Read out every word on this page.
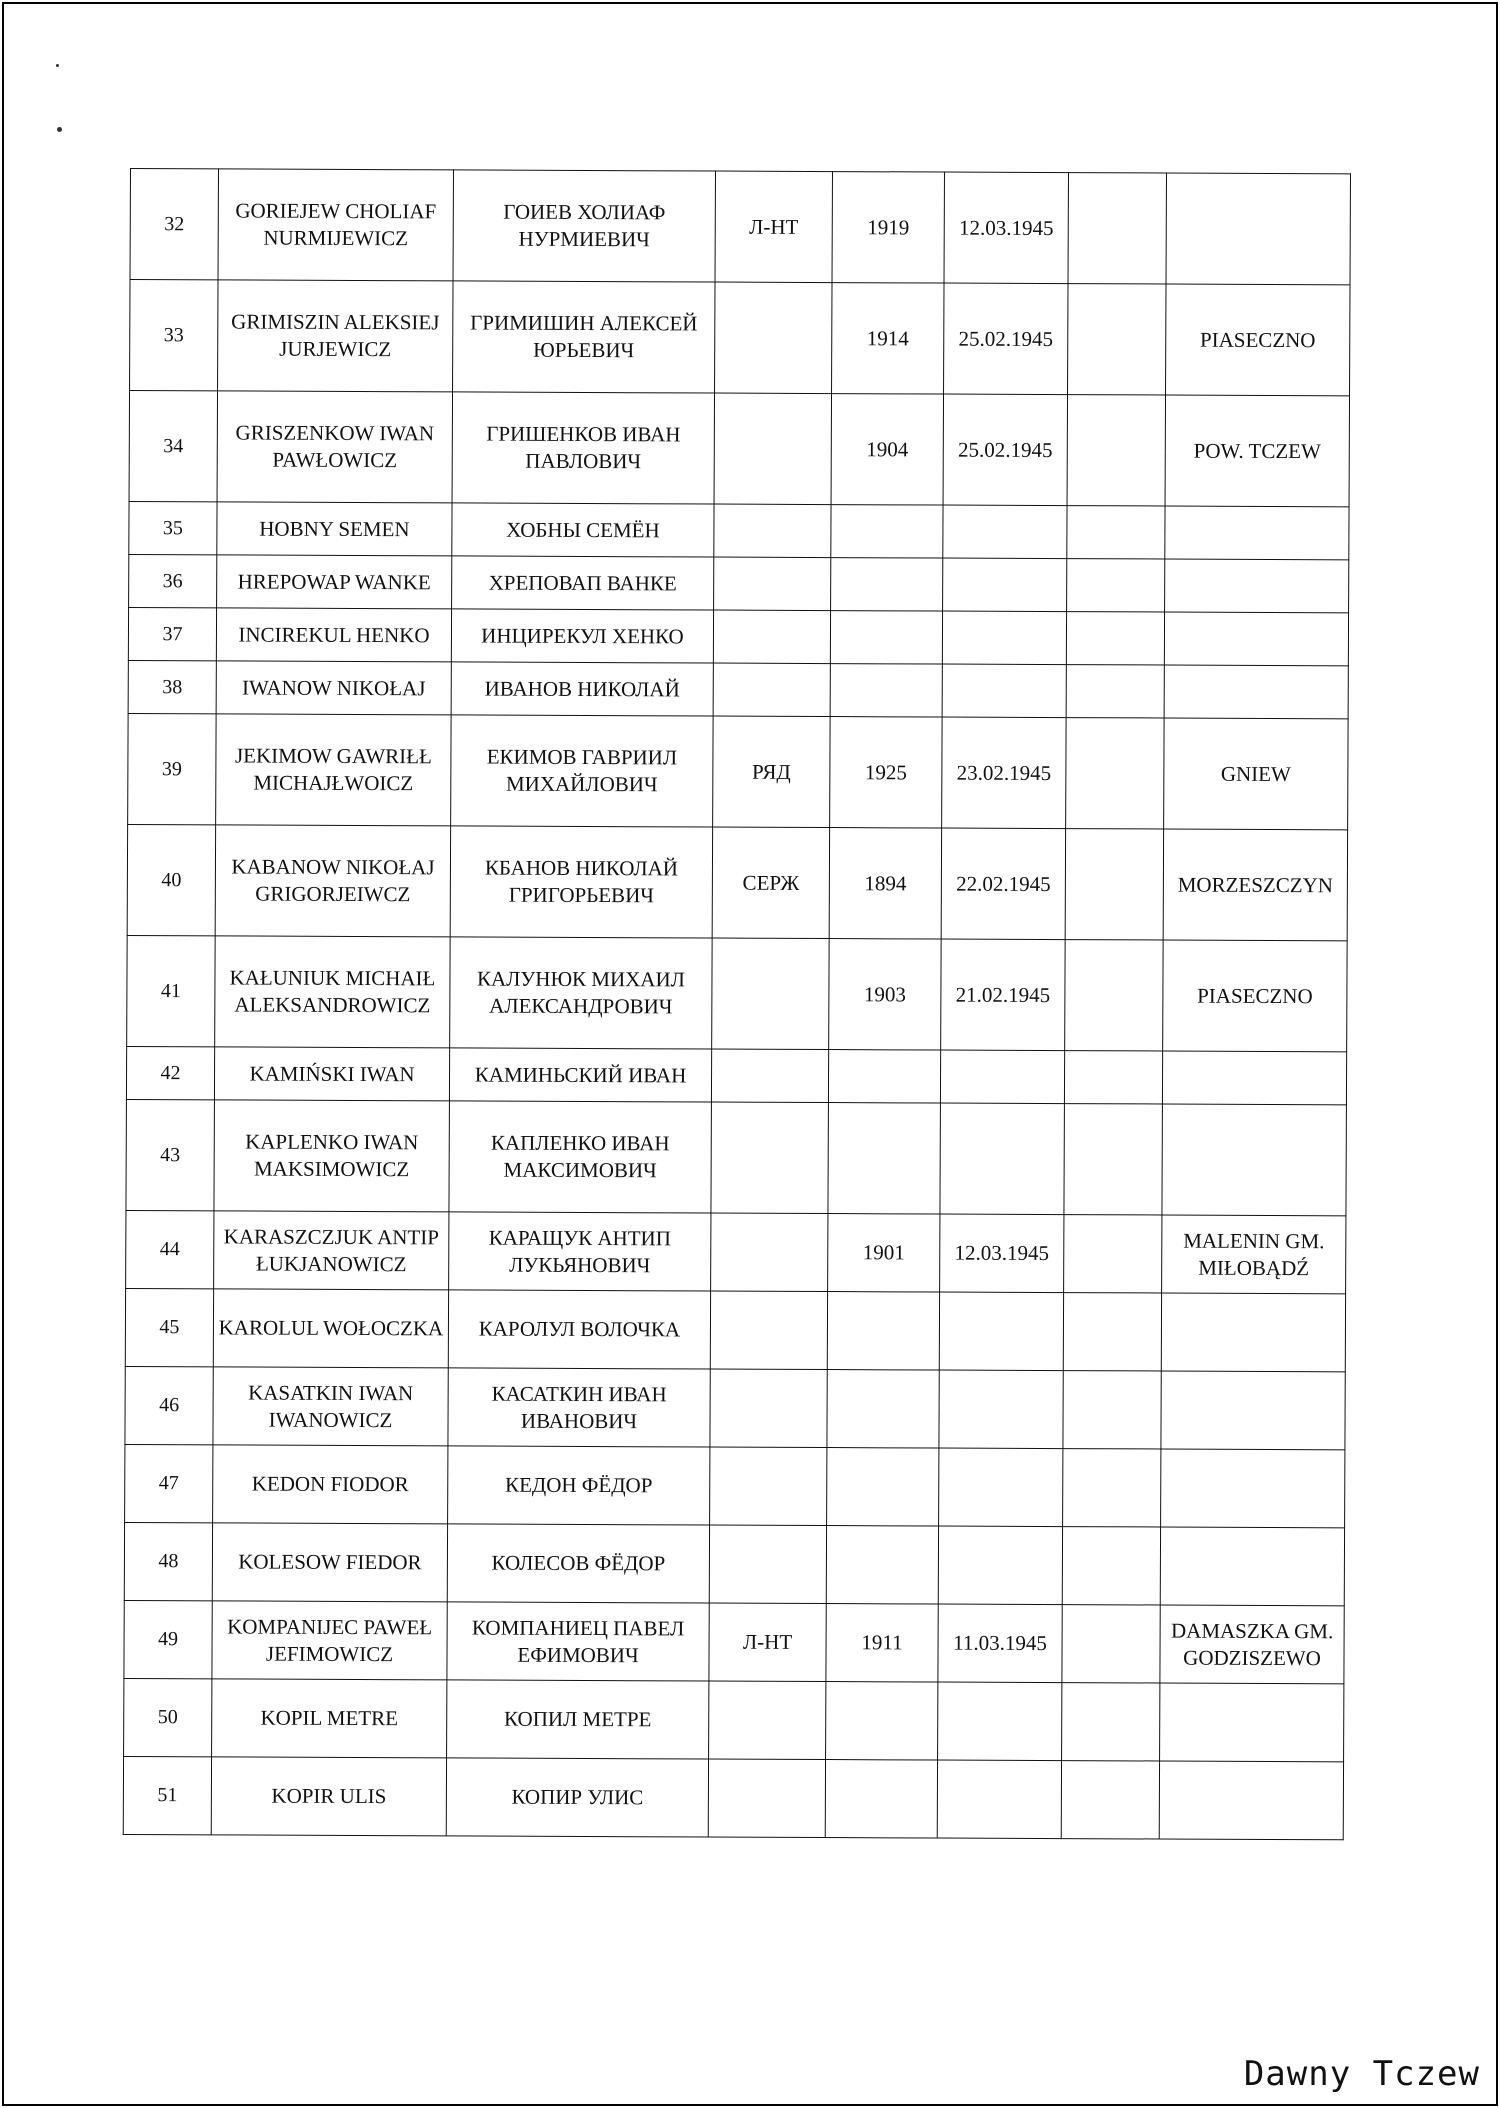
32	GORIEJEW CHOLIAF NURMIJEWICZ	ГОИЕВ ХОЛИАФ НУРМИЕВИЧ	Л-НТ	1919	12.03.1945		
33	GRIMISZIN ALEKSIEJ JURJEWICZ	ГРИМИШИН АЛЕКСЕЙ ЮРЬЕВИЧ		1914	25.02.1945		PIASECZNO
34	GRISZENKOW IWAN PAWŁOWICZ	ГРИШЕНКОВ ИВАН ПАВЛОВИЧ		1904	25.02.1945		POW. TCZEW
35	HOBNY SEMEN	ХОБНЫ СЕМЁН					
36	HREPOWAP WANKE	ХРЕПОВАП ВАНКЕ					
37	INCIREKUL HENKO	ИНЦИРЕКУЛ ХЕНКО					
38	IWANOW NIKOŁAJ	ИВАНОВ НИКОЛАЙ					
39	JEKIMOW GAWRIŁŁ MICHAJŁWOICZ	ЕКИМОВ ГАВРИИЛ МИХАЙЛОВИЧ	РЯД	1925	23.02.1945		GNIEW
40	KABANOW NIKOŁAJ GRIGORJEIWCZ	КБАНОВ НИКОЛАЙ ГРИГОРЬЕВИЧ	СЕРЖ	1894	22.02.1945		MORZESZCZYN
41	KAŁUNIUK MICHAIŁ ALEKSANDROWICZ	КАЛУНЮК МИХАИЛ АЛЕКСАНДРОВИЧ		1903	21.02.1945		PIASECZNO
42	KAMIŃSKI IWAN	КАМИНЬСКИЙ ИВАН					
43	KAPLENKO IWAN MAKSIMOWICZ	КАПЛЕНКО ИВАН МАКСИМОВИЧ					
44	KARASZCZJUK ANTIP ŁUKJANOWICZ	КАРАЩУК АНТИП ЛУКЬЯНОВИЧ		1901	12.03.1945		MALENIN GM. MIŁOBĄDŹ
45	KAROLUL WOŁOCZKA	КАРОЛУЛ ВОЛОЧКА					
46	KASATKIN IWAN IWANOWICZ	КАСАТКИН ИВАН ИВАНОВИЧ					
47	KEDON FIODOR	КЕДОН ФЁДОР					
48	KOLESOW FIEDOR	КОЛЕСОВ ФЁДОР					
49	KOMPANIJEC PAWEŁ JEFIMOWICZ	КОМПАНИЕЦ ПАВЕЛ ЕФИМОВИЧ	Л-НТ	1911	11.03.1945		DAMASZKA GM. GODZISZEWO
50	KOPIL METRE	КОПИЛ МЕТРЕ					
51	KOPIR ULIS	КОПИР УЛИС					
Dawny Tczew
